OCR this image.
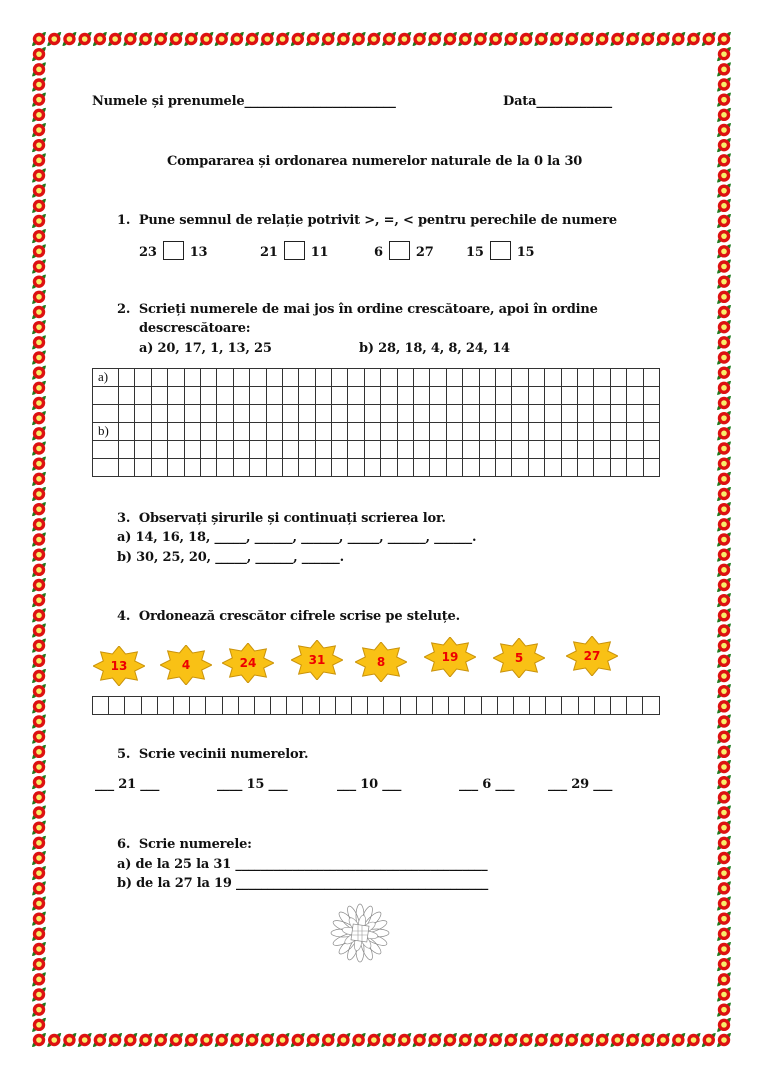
Numele și prenumele________________________	Data____________
Compararea și ordonarea numerelor naturale de la 0 la 30
1. Pune semnul de relație potrivit >, =, < pentru perechile de numere
23	13	21	11	6	27 15	15
2. Scrieți numerele de mai jos în ordine crescătoare, apoi în ordine
descrescătoare:
a) 20, 17, 1, 13, 25	b) 28, 18, 4, 8, 24, 14
a)																																	

b)																																	

3. Observați șirurile și continuați scrierea lor.
a) 14, 16, 18, _____, ______, ______, _____, ______, ______.
b) 30, 25, 20, _____, ______, ______.
4. Ordonează crescător cifrele scrise pe steluțe.
13	4	24	31	8	19	5	27

5. Scrie vecinii numerelor.
___ 21 ___	____ 15 ___	___ 10 ___	___ 6 ___	___ 29 ___
6. Scrie numerele:
a) de la 25 la 31 ________________________________________
b) de la 27 la 19 ________________________________________
